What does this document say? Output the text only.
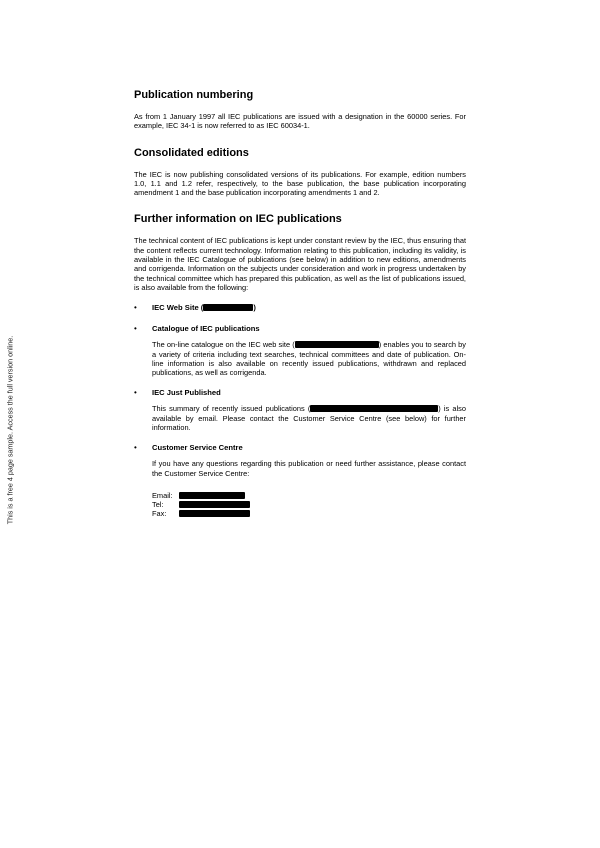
This is a free 4 page sample. Access the full version online.
Publication numbering

As from 1 January 1997 all IEC publications are issued with a designation in the 60000 series. For example, IEC 34-1 is now referred to as IEC 60034-1.

Consolidated editions

The IEC is now publishing consolidated versions of its publications. For example, edition numbers 1.0, 1.1 and 1.2 refer, respectively, to the base publication, the base publication incorporating amendment 1 and the base publication incorporating amendments 1 and 2.

Further information on IEC publications

The technical content of IEC publications is kept under constant review by the IEC, thus ensuring that the content reflects current technology. Information relating to this publication, including its validity, is available in the IEC Catalogue of publications (see below) in addition to new editions, amendments and corrigenda. Information on the subjects under consideration and work in progress undertaken by the technical committee which has prepared this publication, as well as the list of publications issued, is also available from the following:

• IEC Web Site (	)
• Catalogue of IEC publications

The on-line catalogue on the IEC web site (	) enables you to search by a variety of criteria including text searches, technical committees and date of publication. On-line information is also available on recently issued publications, withdrawn and replaced publications, as well as corrigenda.

• IEC Just Published

This summary of recently issued publications (	) is also available by email. Please contact the Customer Service Centre (see below) for further information.

• Customer Service Centre

If you have any questions regarding this publication or need further assistance, please contact the Customer Service Centre:

Email:
Tel:
Fax:
